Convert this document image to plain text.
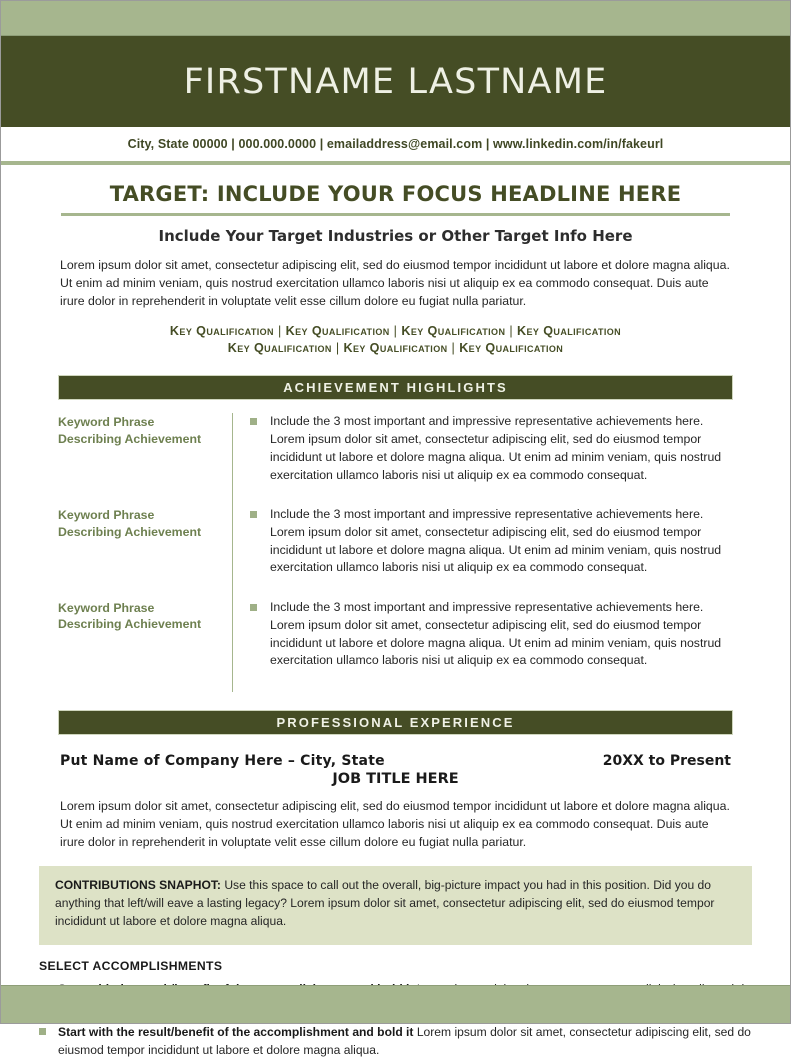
FIRSTNAME LASTNAME
City, State 00000 | 000.000.0000 | emailaddress@email.com | www.linkedin.com/in/fakeurl
TARGET: INCLUDE YOUR FOCUS HEADLINE HERE
Include Your Target Industries or Other Target Info Here
Lorem ipsum dolor sit amet, consectetur adipiscing elit, sed do eiusmod tempor incididunt ut labore et dolore magna aliqua. Ut enim ad minim veniam, quis nostrud exercitation ullamco laboris nisi ut aliquip ex ea commodo consequat. Duis aute irure dolor in reprehenderit in voluptate velit esse cillum dolore eu fugiat nulla pariatur.
Key Qualification | Key Qualification | Key Qualification | Key Qualification
Key Qualification | Key Qualification | Key Qualification
ACHIEVEMENT HIGHLIGHTS
Keyword Phrase Describing Achievement
Include the 3 most important and impressive representative achievements here. Lorem ipsum dolor sit amet, consectetur adipiscing elit, sed do eiusmod tempor incididunt ut labore et dolore magna aliqua. Ut enim ad minim veniam, quis nostrud exercitation ullamco laboris nisi ut aliquip ex ea commodo consequat.
Keyword Phrase Describing Achievement
Include the 3 most important and impressive representative achievements here. Lorem ipsum dolor sit amet, consectetur adipiscing elit, sed do eiusmod tempor incididunt ut labore et dolore magna aliqua. Ut enim ad minim veniam, quis nostrud exercitation ullamco laboris nisi ut aliquip ex ea commodo consequat.
Keyword Phrase Describing Achievement
Include the 3 most important and impressive representative achievements here. Lorem ipsum dolor sit amet, consectetur adipiscing elit, sed do eiusmod tempor incididunt ut labore et dolore magna aliqua. Ut enim ad minim veniam, quis nostrud exercitation ullamco laboris nisi ut aliquip ex ea commodo consequat.
PROFESSIONAL EXPERIENCE
Put Name of Company Here – City, State	20XX to Present
JOB TITLE HERE
Lorem ipsum dolor sit amet, consectetur adipiscing elit, sed do eiusmod tempor incididunt ut labore et dolore magna aliqua. Ut enim ad minim veniam, quis nostrud exercitation ullamco laboris nisi ut aliquip ex ea commodo consequat. Duis aute irure dolor in reprehenderit in voluptate velit esse cillum dolore eu fugiat nulla pariatur.

CONTRIBUTIONS SNAPHOT: Use this space to call out the overall, big-picture impact you had in this position. Did you do anything that left/will eave a lasting legacy? Lorem ipsum dolor sit amet, consectetur adipiscing elit, sed do eiusmod tempor incididunt ut labore et dolore magna aliqua.

SELECT ACCOMPLISHMENTS
Start with the result/benefit of the accomplishment and bold it Lorem ipsum dolor sit amet, consectetur adipiscing elit, sed do eiusmod tempor incididunt ut labore et dolore magna aliqua.
